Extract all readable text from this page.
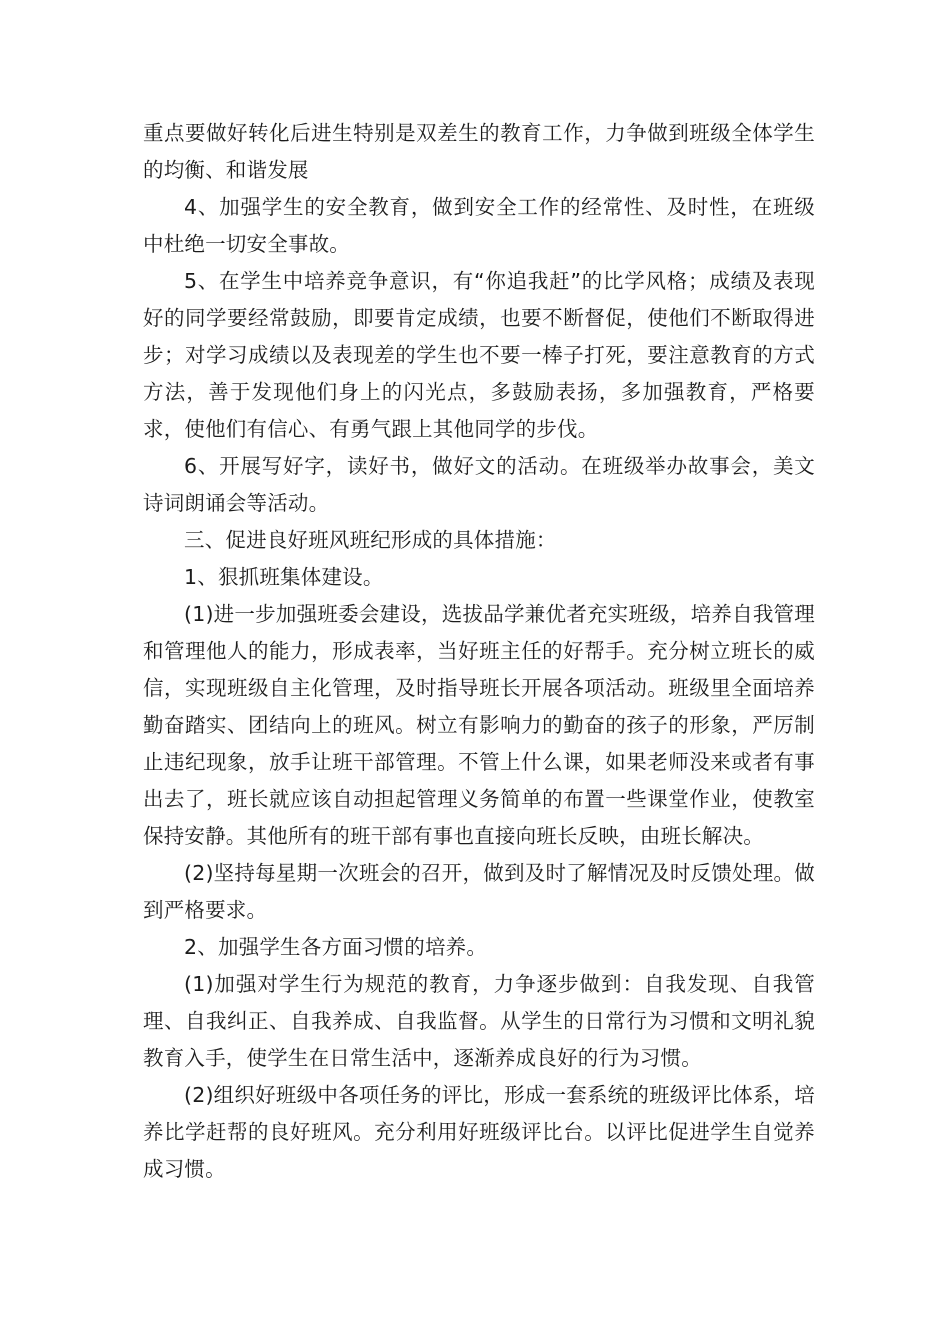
重点要做好转化后进生特别是双差生的教育工作，力争做到班级全体学生的均衡、和谐发展

4、加强学生的安全教育，做到安全工作的经常性、及时性，在班级中杜绝一切安全事故。

5、在学生中培养竞争意识，有“你追我赶”的比学风格；成绩及表现好的同学要经常鼓励，即要肯定成绩，也要不断督促，使他们不断取得进步；对学习成绩以及表现差的学生也不要一棒子打死，要注意教育的方式方法，善于发现他们身上的闪光点，多鼓励表扬，多加强教育，严格要求，使他们有信心、有勇气跟上其他同学的步伐。

6、开展写好字，读好书，做好文的活动。在班级举办故事会，美文诗词朗诵会等活动。

三、促进良好班风班纪形成的具体措施：

1、狠抓班集体建设。

(1)进一步加强班委会建设，选拔品学兼优者充实班级，培养自我管理和管理他人的能力，形成表率，当好班主任的好帮手。充分树立班长的威信，实现班级自主化管理，及时指导班长开展各项活动。班级里全面培养勤奋踏实、团结向上的班风。树立有影响力的勤奋的孩子的形象，严厉制止违纪现象，放手让班干部管理。不管上什么课，如果老师没来或者有事出去了，班长就应该自动担起管理义务简单的布置一些课堂作业，使教室保持安静。其他所有的班干部有事也直接向班长反映，由班长解决。

(2)坚持每星期一次班会的召开，做到及时了解情况及时反馈处理。做到严格要求。

2、加强学生各方面习惯的培养。

(1)加强对学生行为规范的教育，力争逐步做到：自我发现、自我管理、自我纠正、自我养成、自我监督。从学生的日常行为习惯和文明礼貌教育入手，使学生在日常生活中，逐渐养成良好的行为习惯。

(2)组织好班级中各项任务的评比，形成一套系统的班级评比体系，培养比学赶帮的良好班风。充分利用好班级评比台。以评比促进学生自觉养成习惯。
